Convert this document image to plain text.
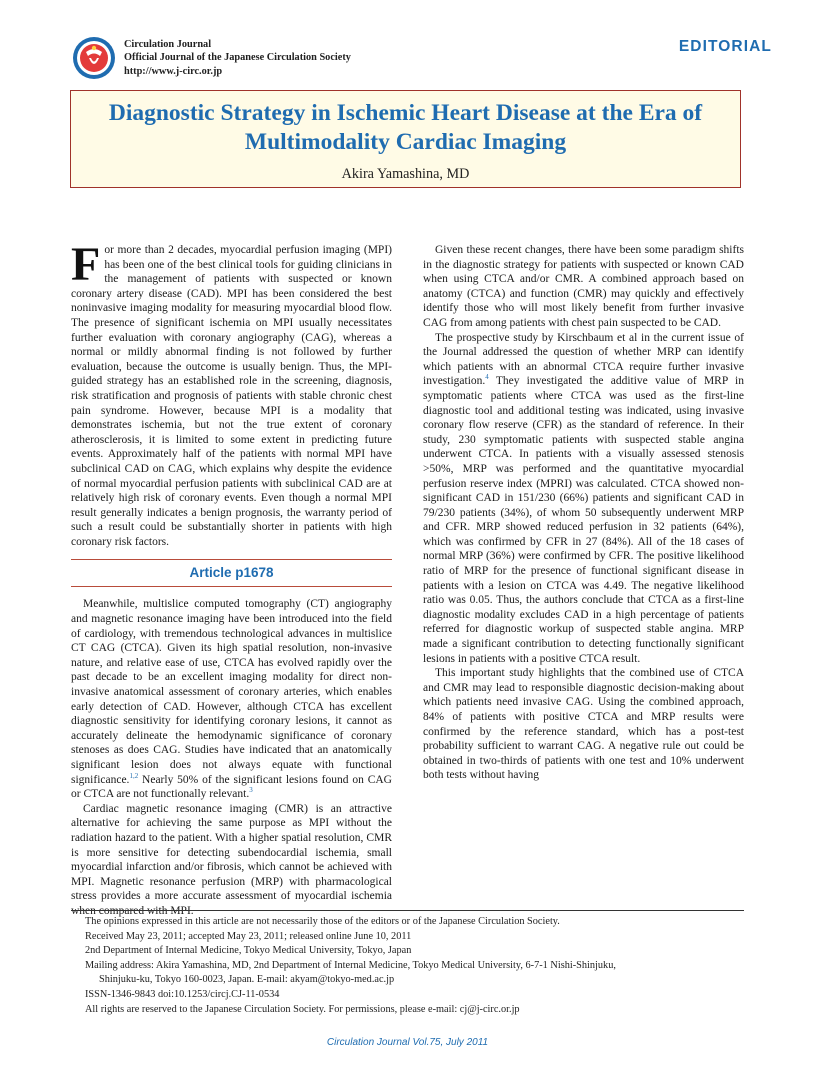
Circulation Journal
Official Journal of the Japanese Circulation Society
http://www.j-circ.or.jp
EDITORIAL
Diagnostic Strategy in Ischemic Heart Disease at the Era of Multimodality Cardiac Imaging
Akira Yamashina, MD

For more than 2 decades, myocardial perfusion imaging (MPI) has been one of the best clinical tools for guiding clinicians in the management of patients with suspected or known coronary artery disease (CAD). MPI has been considered the best noninvasive imaging modality for measuring myocardial blood flow. The presence of significant ischemia on MPI usually necessitates further evaluation with coronary angiography (CAG), whereas a normal or mildly abnormal finding is not followed by further evaluation, because the outcome is usually benign. Thus, the MPI-guided strategy has an established role in the screening, diagnosis, risk stratification and prognosis of patients with stable chronic chest pain syndrome. However, because MPI is a modality that demonstrates ischemia, but not the true extent of coronary atherosclerosis, it is limited to some extent in predicting future events. Approximately half of the patients with normal MPI have subclinical CAD on CAG, which explains why despite the evidence of normal myocardial perfusion patients with subclinical CAD are at relatively high risk of coronary events. Even though a normal MPI result generally indicates a benign prognosis, the warranty period of such a result could be substantially shorter in patients with high coronary risk factors.

Article p1678

Meanwhile, multislice computed tomography (CT) angiography and magnetic resonance imaging have been introduced into the field of cardiology, with tremendous technological advances in multislice CT CAG (CTCA). Given its high spatial resolution, non-invasive nature, and relative ease of use, CTCA has evolved rapidly over the past decade to be an excellent imaging modality for direct non-invasive anatomical assessment of coronary arteries, which enables early detection of CAD. However, although CTCA has excellent diagnostic sensitivity for identifying coronary lesions, it cannot as accurately delineate the hemodynamic significance of coronary stenoses as does CAG. Studies have indicated that an anatomically significant lesion does not always equate with functional significance.$^{1,2}$ Nearly 50% of the significant lesions found on CAG or CTCA are not functionally relevant.$^3$

Cardiac magnetic resonance imaging (CMR) is an attractive alternative for achieving the same purpose as MPI without the radiation hazard to the patient. With a higher spatial resolution, CMR is more sensitive for detecting subendocardial ischemia, small myocardial infarction and/or fibrosis, which cannot be achieved with MPI. Magnetic resonance perfusion (MRP) with pharmacological stress provides a more accurate assessment of myocardial ischemia when compared with MPI.

Given these recent changes, there have been some paradigm shifts in the diagnostic strategy for patients with suspected or known CAD when using CTCA and/or CMR. A combined approach based on anatomy (CTCA) and function (CMR) may quickly and effectively identify those who will most likely benefit from further invasive CAG from among patients with chest pain suspected to be CAD.

The prospective study by Kirschbaum et al in the current issue of the Journal addressed the question of whether MRP can identify which patients with an abnormal CTCA require further invasive investigation.$^4$ They investigated the additive value of MRP in symptomatic patients where CTCA was used as the first-line diagnostic tool and additional testing was indicated, using invasive coronary flow reserve (CFR) as the standard of reference. In their study, 230 symptomatic patients with suspected stable angina underwent CTCA. In patients with a visually assessed stenosis >50%, MRP was performed and the quantitative myocardial perfusion reserve index (MPRI) was calculated. CTCA showed non-significant CAD in 151/230 (66%) patients and significant CAD in 79/230 patients (34%), of whom 50 subsequently underwent MRP and CFR. MRP showed reduced perfusion in 32 patients (64%), which was confirmed by CFR in 27 (84%). All of the 18 cases of normal MRP (36%) were confirmed by CFR. The positive likelihood ratio of MRP for the presence of functional significant disease in patients with a lesion on CTCA was 4.49. The negative likelihood ratio was 0.05. Thus, the authors conclude that CTCA as a first-line diagnostic modality excludes CAD in a high percentage of patients referred for diagnostic workup of suspected stable angina. MRP made a significant contribution to detecting functionally significant lesions in patients with a positive CTCA result.

This important study highlights that the combined use of CTCA and CMR may lead to responsible diagnostic decision-making about which patients need invasive CAG. Using the combined approach, 84% of patients with positive CTCA and MRP results were confirmed by the reference standard, which has a post-test probability sufficient to warrant CAG. A negative rule out could be obtained in two-thirds of patients with one test and 10% underwent both tests without having

The opinions expressed in this article are not necessarily those of the editors or of the Japanese Circulation Society.
Received May 23, 2011; accepted May 23, 2011; released online June 10, 2011
2nd Department of Internal Medicine, Tokyo Medical University, Tokyo, Japan
Mailing address: Akira Yamashina, MD, 2nd Department of Internal Medicine, Tokyo Medical University, 6-7-1 Nishi-Shinjuku,
Shinjuku-ku, Tokyo 160-0023, Japan. E-mail: akyam@tokyo-med.ac.jp
ISSN-1346-9843 doi:10.1253/circj.CJ-11-0534
All rights are reserved to the Japanese Circulation Society. For permissions, please e-mail: cj@j-circ.or.jp
Circulation Journal Vol.75, July 2011
